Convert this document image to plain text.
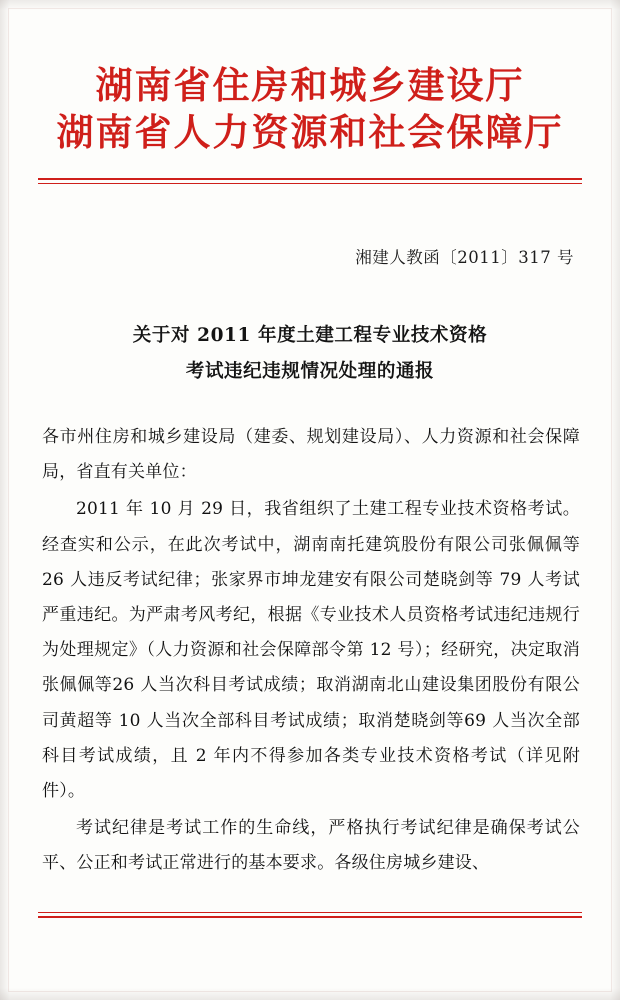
湖南省住房和城乡建设厅
湖南省人力资源和社会保障厅
湘建人教函〔2011〕317 号
关于对 2011 年度土建工程专业技术资格
考试违纪违规情况处理的通报

各市州住房和城乡建设局（建委、规划建设局）、人力资源和社会保障局，省直有关单位：

2011 年 10 月 29 日，我省组织了土建工程专业技术资格考试。经查实和公示，在此次考试中，湖南南托建筑股份有限公司张佩佩等 26 人违反考试纪律；张家界市坤龙建安有限公司楚晓剑等 79 人考试严重违纪。为严肃考风考纪，根据《专业技术人员资格考试违纪违规行为处理规定》（人力资源和社会保障部令第 12 号）；经研究，决定取消张佩佩等26 人当次科目考试成绩；取消湖南北山建设集团股份有限公司黄超等 10 人当次全部科目考试成绩；取消楚晓剑等69 人当次全部科目考试成绩，且 2 年内不得参加各类专业技术资格考试（详见附件）。

考试纪律是考试工作的生命线，严格执行考试纪律是确保考试公平、公正和考试正常进行的基本要求。各级住房城乡建设、
